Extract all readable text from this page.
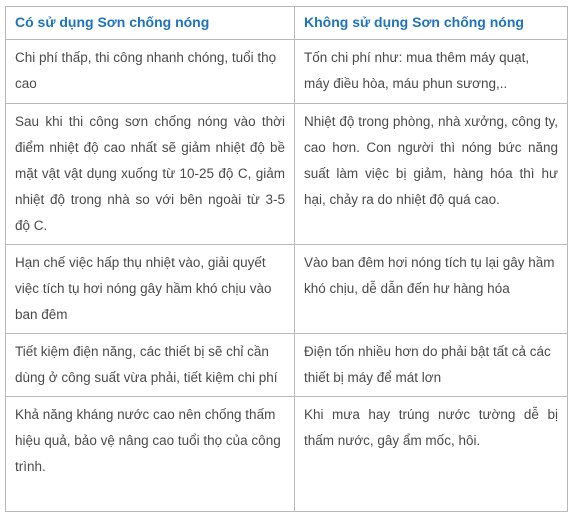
Có sử dụng Sơn chống nóng	Không sử dụng Sơn chống nóng
Chi phí thấp, thi công nhanh chóng, tuổi thọ cao	Tốn chi phí như: mua thêm máy quạt, máy điều hòa, máu phun sương,..
Sau khi thi công sơn chống nóng vào thời điểm nhiệt độ cao nhất sẽ giảm nhiệt độ bề mặt vật vật dụng xuống từ 10-25 độ C, giảm nhiệt độ trong nhà so với bên ngoài từ 3-5 độ C.	Nhiệt độ trong phòng, nhà xưởng, công ty, cao hơn. Con người thì nóng bức năng suất làm việc bị giảm, hàng hóa thì hư hại, chảy ra do nhiệt độ quá cao.
Hạn chế việc hấp thụ nhiệt vào, giải quyết việc tích tụ hơi nóng gây hầm khó chịu vào ban đêm	Vào ban đêm hơi nóng tích tụ lại gây hầm khó chịu, dễ dẫn đến hư hàng hóa
Tiết kiệm điện năng, các thiết bị sẽ chỉ cần dùng ở công suất vừa phải, tiết kiệm chi phí	Điện tốn nhiều hơn do phải bật tất cả các thiết bị máy để mát lơn
Khả năng kháng nước cao nên chống thấm hiệu quả, bảo vệ nâng cao tuổi thọ của công trình.	Khi mưa hay trúng nước tường dễ bị thấm nước, gây ẩm mốc, hôi.
